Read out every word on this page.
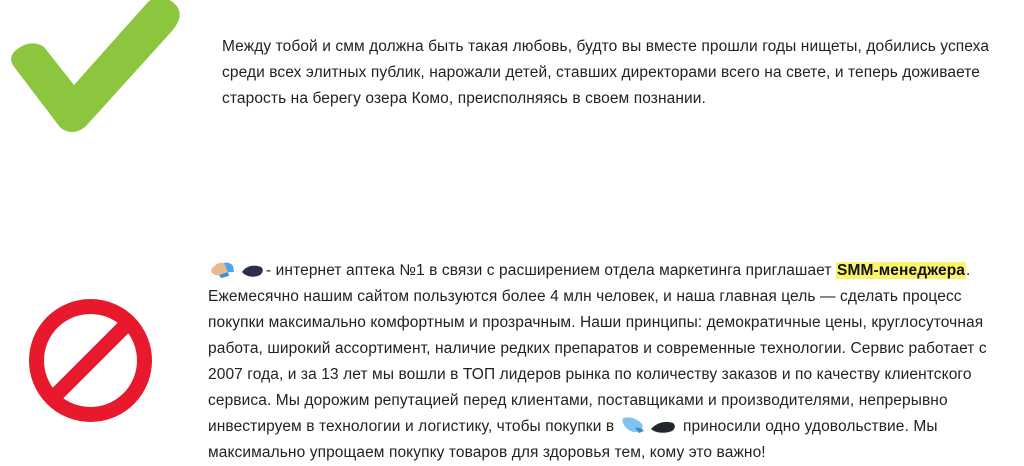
Между тобой и смм должна быть такая любовь, будто вы вместе прошли годы нищеты, добились успеха среди всех элитных публик, нарожали детей, ставших директорами всего на свете, и теперь доживаете старость на берегу озера Комо, преисполняясь в своем познании.

- интернет аптека №1 в связи с расширением отдела маркетинга приглашает SMM-менеджера. Ежемесячно нашим сайтом пользуются более 4 млн человек, и наша главная цель — сделать процесс покупки максимально комфортным и прозрачным. Наши принципы: демократичные цены, круглосуточная работа, широкий ассортимент, наличие редких препаратов и современные технологии. Сервис работает с 2007 года, и за 13 лет мы вошли в ТОП лидеров рынка по количеству заказов и по качеству клиентского сервиса. Мы дорожим репутацией перед клиентами, поставщиками и производителями, непрерывно инвестируем в технологии и логистику, чтобы покупки в	приносили одно удовольствие. Мы максимально упрощаем покупку товаров для здоровья тем, кому это важно!
